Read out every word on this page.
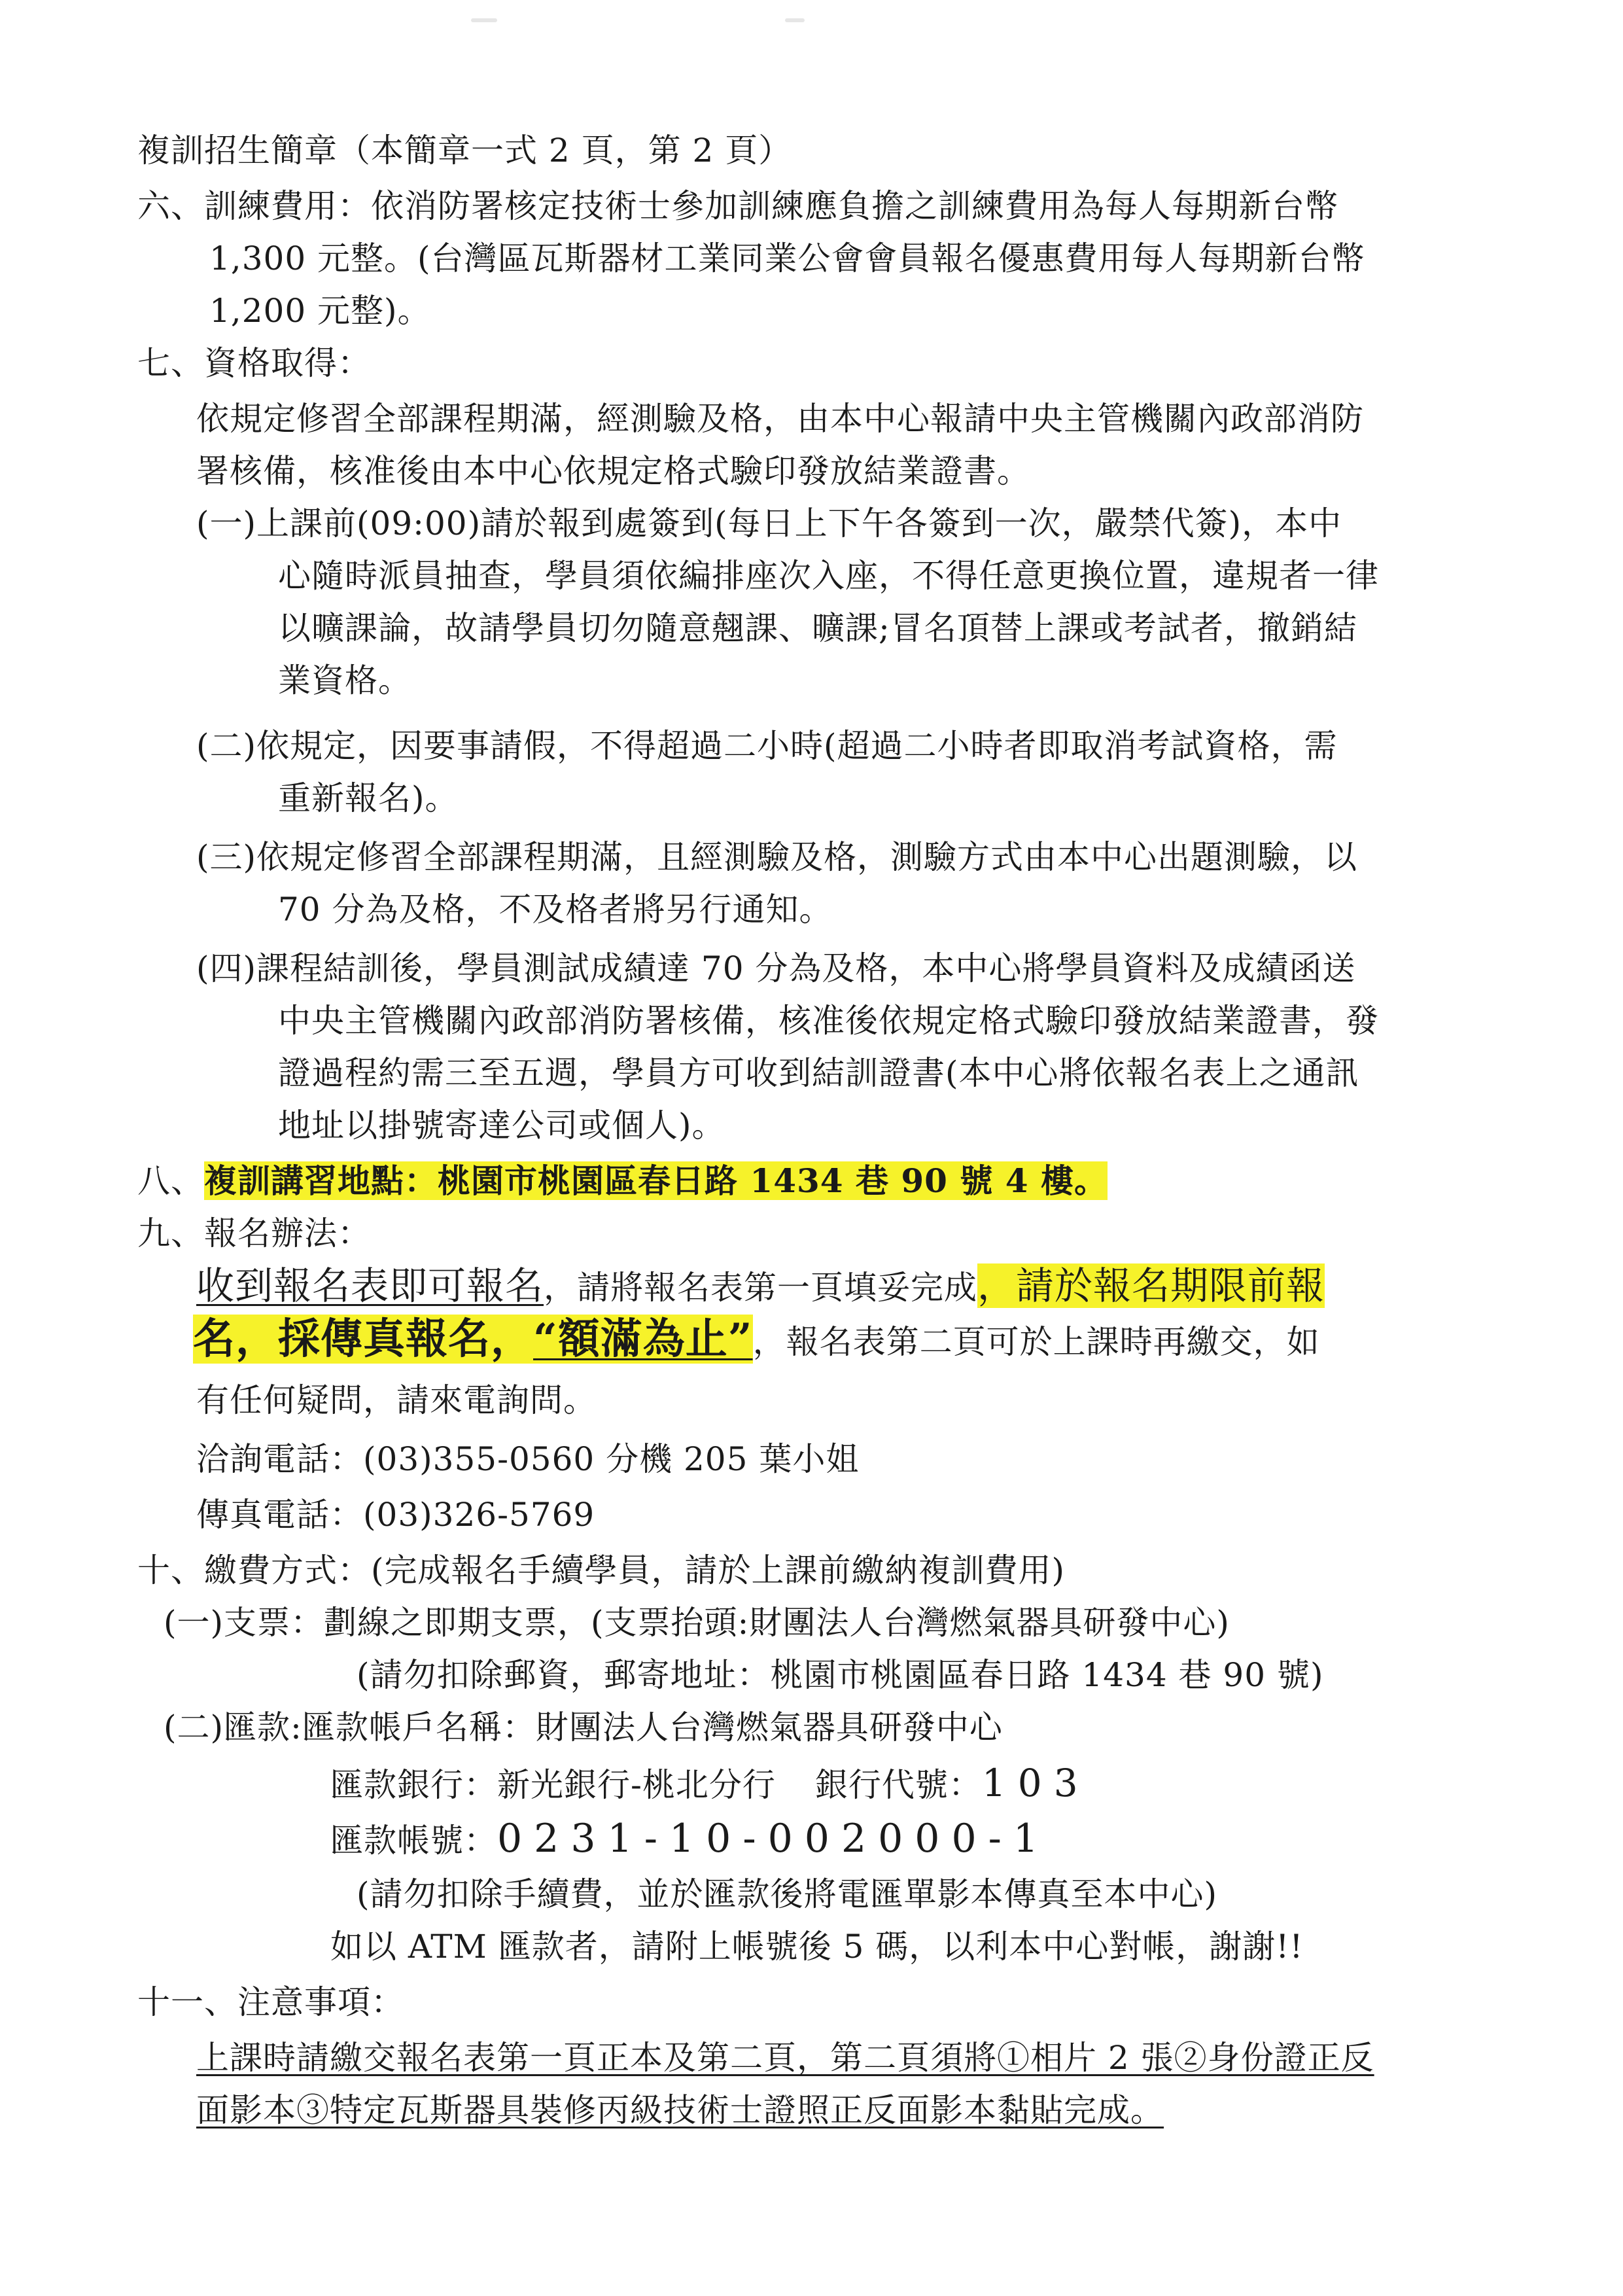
複訓招生簡章（本簡章一式 2 頁，第 2 頁）
六、訓練費用：依消防署核定技術士參加訓練應負擔之訓練費用為每人每期新台幣
1,300 元整。(台灣區瓦斯器材工業同業公會會員報名優惠費用每人每期新台幣
1,200 元整)。
七、資格取得：
依規定修習全部課程期滿，經測驗及格，由本中心報請中央主管機關內政部消防
署核備，核准後由本中心依規定格式驗印發放結業證書。
(一)上課前(09:00)請於報到處簽到(每日上下午各簽到一次，嚴禁代簽)，本中
心隨時派員抽查，學員須依編排座次入座，不得任意更換位置，違規者一律
以曠課論，故請學員切勿隨意翹課、曠課;冒名頂替上課或考試者，撤銷結
業資格。
(二)依規定，因要事請假，不得超過二小時(超過二小時者即取消考試資格，需
重新報名)。
(三)依規定修習全部課程期滿，且經測驗及格，測驗方式由本中心出題測驗，以
70 分為及格，不及格者將另行通知。
(四)課程結訓後，學員測試成績達 70 分為及格，本中心將學員資料及成績函送
中央主管機關內政部消防署核備，核准後依規定格式驗印發放結業證書，發
證過程約需三至五週，學員方可收到結訓證書(本中心將依報名表上之通訊
地址以掛號寄達公司或個人)。
八、複訓講習地點：桃園市桃園區春日路 1434 巷 90 號 4 樓。
九、報名辦法：
收到報名表即可報名，請將報名表第一頁填妥完成，請於報名期限前報
名，採傳真報名，“額滿為止”，報名表第二頁可於上課時再繳交，如
有任何疑問，請來電詢問。
洽詢電話：(03)355-0560 分機 205 葉小姐
傳真電話：(03)326-5769
十、繳費方式：(完成報名手續學員，請於上課前繳納複訓費用)
(一)支票：劃線之即期支票，(支票抬頭:財團法人台灣燃氣器具研發中心)
(請勿扣除郵資，郵寄地址：桃園市桃園區春日路 1434 巷 90 號)
(二)匯款:匯款帳戶名稱：財團法人台灣燃氣器具研發中心
匯款銀行：新光銀行-桃北分行 銀行代號：103
匯款帳號：0231-10-002000-1
(請勿扣除手續費，並於匯款後將電匯單影本傳真至本中心)
如以 ATM 匯款者，請附上帳號後 5 碼，以利本中心對帳，謝謝!!
十一、注意事項：
上課時請繳交報名表第一頁正本及第二頁，第二頁須將①相片 2 張②身份證正反
面影本③特定瓦斯器具裝修丙級技術士證照正反面影本黏貼完成。
